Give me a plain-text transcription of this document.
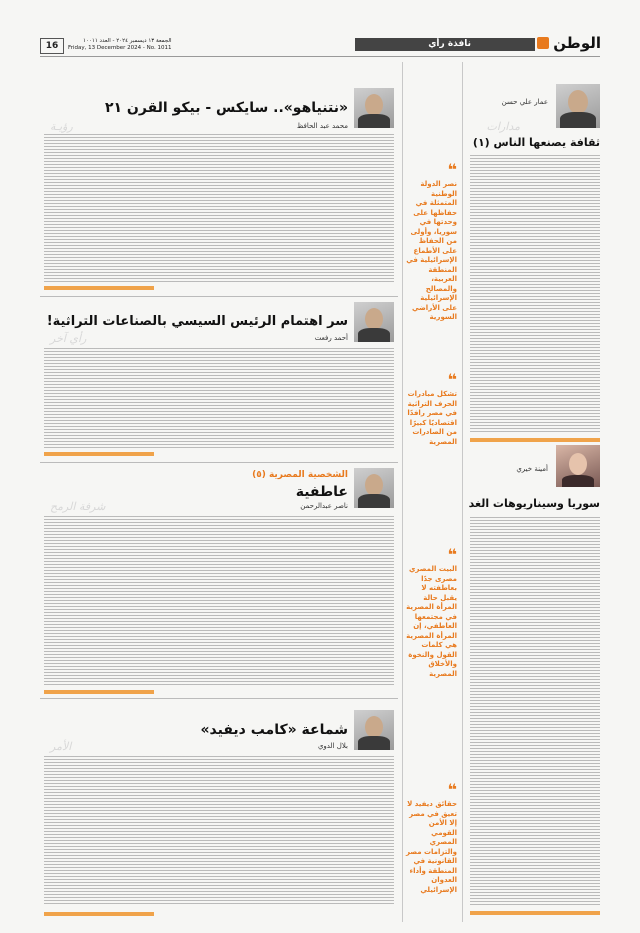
16	الجمعة ١٣ ديسمبر ٢٠٢٤ - العدد ١٠٠١١
Friday, 13 December 2024 - No. 1011	نافذة رأي	الوطن
عمار علي حسن
مدارات
ثقافة يصنعها الناس (١)
أمينة خيري
سوريا وسيناريوهات الغد
❝
نصر الدولة الوطنية المتمثلة في حفاظها على وحدتها في سوريا، وأولى من الحفاظ على الأطماع الإسرائيلية في المنطقة العربية، والمصالح الإسرائيلية على الأراضي السورية
❝
تشكل مبادرات الحرف التراثية في مصر رافدًا اقتصاديًا كبيرًا من الصادرات المصرية
❝
البيت المصري مصرى جدًا بعاطفته لا يقبل حالة المرأة المصرية في مجتمعها العاطفي، إن المرأة المصرية هي كلمات القول والنخوة والأخلاق المصرية
❝
حقائق ديفيد لا تعيق في مصر إلا الأمن القومي المصري والتزامات مصر القانونية في المنطقة وأداء العدوان الإسرائيلي
«نتنياهو».. سايكس - بيكو القرن ٢١
محمد عبد الحافظ
رؤيـة
سر اهتمام الرئيس السيسي بالصناعات التراثية!
أحمد رفعت
رأي آخر
الشخصية المصرية (٥)
عاطفية
ناصر عبدالرحمن
شرفة الرمح
شماعة «كامب ديفيد»
بلال الدوي
الأمر
